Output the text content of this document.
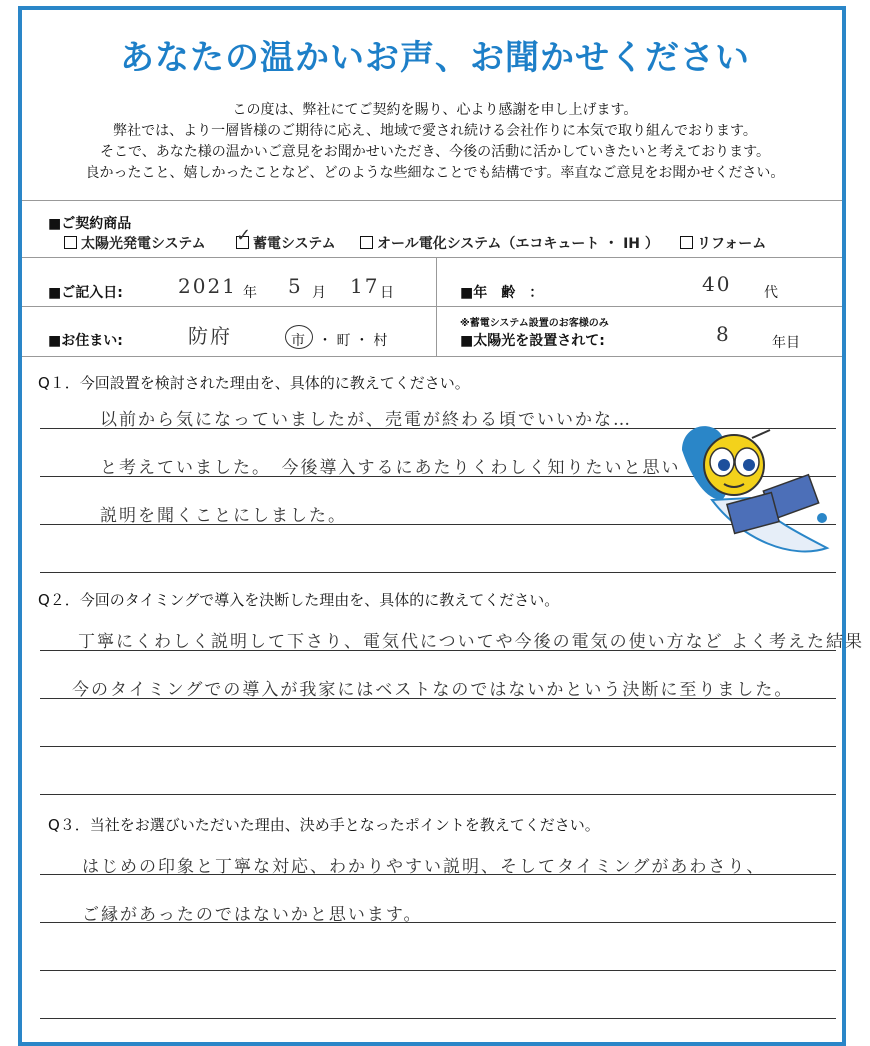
あなたの温かいお声、お聞かせください
この度は、弊社にてご契約を賜り、心より感謝を申し上げます。
弊社では、より一層皆様のご期待に応え、地域で愛され続ける会社作りに本気で取り組んでおります。
そこで、あなた様の温かいご意見をお聞かせいただき、今後の活動に活かしていきたいと考えております。
良かったこと、嬉しかったことなど、どのような些細なことでも結構です。率直なご意見をお聞かせください。
■ご契約商品
太陽光発電システム ✓ 蓄電システム	オール電化システム（エコキュート ・ IH ）	リフォーム
■ご記入日:	2021 年 5 月 17 日	■年　齢　：	40 代
■お住まい:	防府	市 ・ 町 ・ 村
※蓄電システム設置のお客様のみ
■太陽光を設置されて:	8	年目
Q１．今回設置を検討された理由を、具体的に教えてください。
以前から気になっていましたが、売電が終わる頃でいいかな…
と考えていました。　今後導入するにあたりくわしく知りたいと思い
説明を聞くことにしました。
Q２．今回のタイミングで導入を決断した理由を、具体的に教えてください。
丁寧にくわしく説明して下さり、電気代についてや今後の電気の使い方など よく考えた結果
今のタイミングでの導入が我家にはベストなのではないかという決断に至りました。
Q３．当社をお選びいただいた理由、決め手となったポイントを教えてください。
はじめの印象と丁寧な対応、わかりやすい説明、そしてタイミングがあわさり、
ご縁があったのではないかと思います。
